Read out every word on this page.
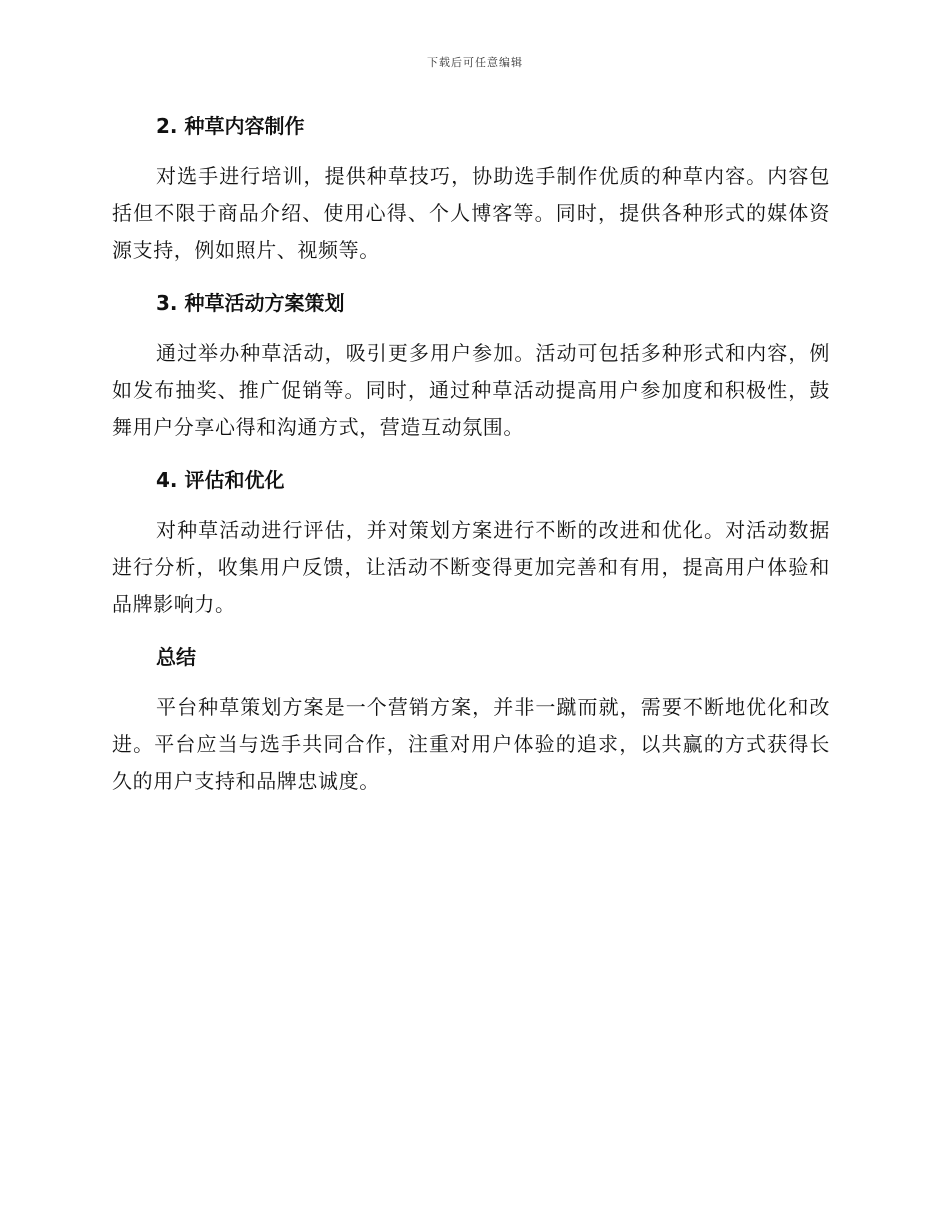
下载后可任意编辑
2. 种草内容制作

对选手进行培训，提供种草技巧，协助选手制作优质的种草内容。内容包括但不限于商品介绍、使用心得、个人博客等。同时，提供各种形式的媒体资源支持，例如照片、视频等。

3. 种草活动方案策划

通过举办种草活动，吸引更多用户参加。活动可包括多种形式和内容，例如发布抽奖、推广促销等。同时，通过种草活动提高用户参加度和积极性，鼓舞用户分享心得和沟通方式，营造互动氛围。

4. 评估和优化

对种草活动进行评估，并对策划方案进行不断的改进和优化。对活动数据进行分析，收集用户反馈，让活动不断变得更加完善和有用，提高用户体验和品牌影响力。

总结

平台种草策划方案是一个营销方案，并非一蹴而就，需要不断地优化和改进。平台应当与选手共同合作，注重对用户体验的追求，以共赢的方式获得长久的用户支持和品牌忠诚度。
